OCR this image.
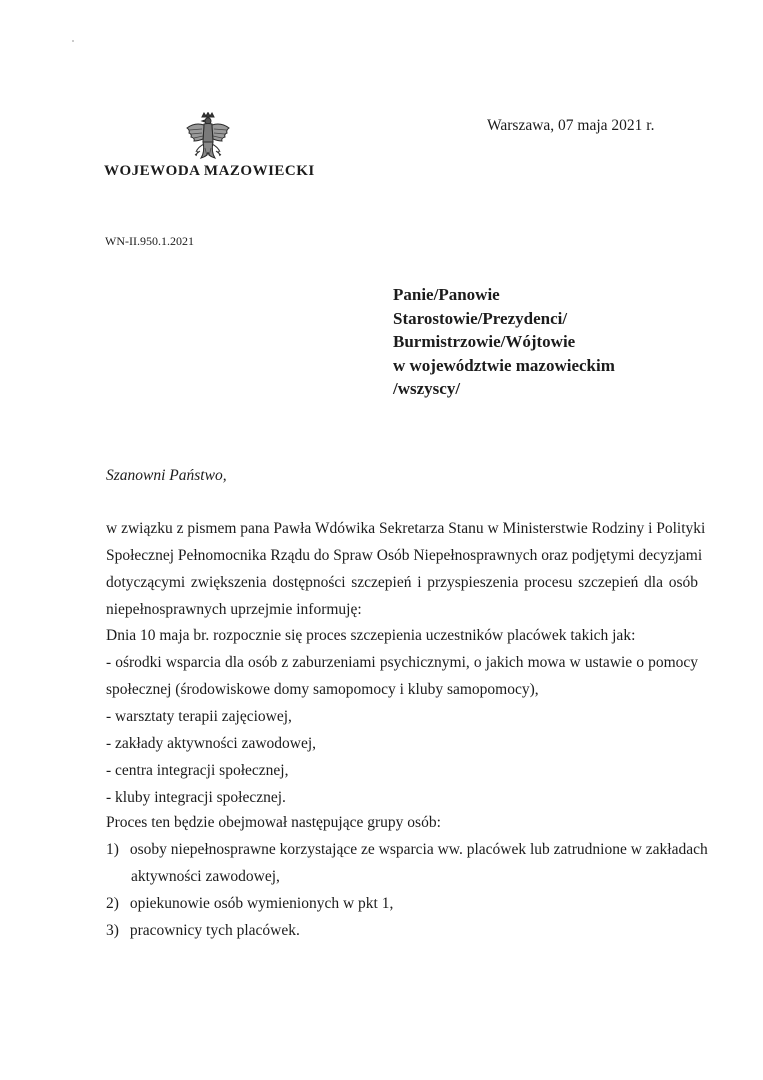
WOJEWODA MAZOWIECKI
Warszawa, 07 maja 2021 r.
WN-II.950.1.2021
Panie/Panowie
Starostowie/Prezydenci/
Burmistrzowie/Wójtowie
w województwie mazowieckim
/wszyscy/
Szanowni Państwo,
w związku z pismem pana Pawła Wdówika Sekretarza Stanu w Ministerstwie Rodziny i Polityki
Społecznej Pełnomocnika Rządu do Spraw Osób Niepełnosprawnych oraz podjętymi decyzjami
dotyczącymi zwiększenia dostępności szczepień i przyspieszenia procesu szczepień dla osób
niepełnosprawnych uprzejmie informuję:
Dnia 10 maja br. rozpocznie się proces szczepienia uczestników placówek takich jak:
- ośrodki wsparcia dla osób z zaburzeniami psychicznymi, o jakich mowa w ustawie o pomocy
społecznej (środowiskowe domy samopomocy i kluby samopomocy),
- warsztaty terapii zajęciowej,
- zakłady aktywności zawodowej,
- centra integracji społecznej,
- kluby integracji społecznej.
Proces ten będzie obejmował następujące grupy osób:
1) osoby niepełnosprawne korzystające ze wsparcia ww. placówek lub zatrudnione w zakładach
aktywności zawodowej,
2) opiekunowie osób wymienionych w pkt 1,
3) pracownicy tych placówek.
